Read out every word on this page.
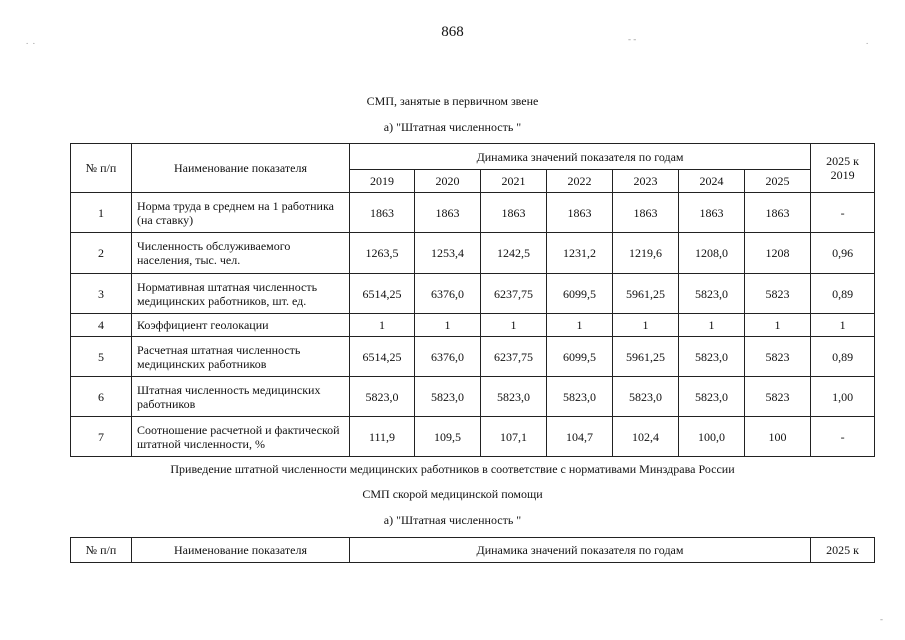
868
.  .	- -	.
-
СМП, занятые в первичном звене
а) "Штатная численность "
№ п/п	Наименование показателя	Динамика значений показателя по годам							2025 к 2019
		2019	2020	2021	2022	2023	2024	2025	
1	Норма труда в среднем на 1 работника (на ставку)	1863	1863	1863	1863	1863	1863	1863	-
2	Численность обслуживаемого населения, тыс. чел.	1263,5	1253,4	1242,5	1231,2	1219,6	1208,0	1208	0,96
3	Нормативная штатная численность медицинских работников, шт. ед.	6514,25	6376,0	6237,75	6099,5	5961,25	5823,0	5823	0,89
4	Коэффициент геолокации	1	1	1	1	1	1	1	1
5	Расчетная штатная численность медицинских работников	6514,25	6376,0	6237,75	6099,5	5961,25	5823,0	5823	0,89
6	Штатная численность медицинских работников	5823,0	5823,0	5823,0	5823,0	5823,0	5823,0	5823	1,00
7	Соотношение расчетной и фактической штатной численности, %	111,9	109,5	107,1	104,7	102,4	100,0	100	-
Приведение штатной численности медицинских работников в соответствие с нормативами Минздрава России
СМП скорой медицинской помощи
а) "Штатная численность "
№ п/п	Наименование показателя	Динамика значений показателя по годам	2025 к
